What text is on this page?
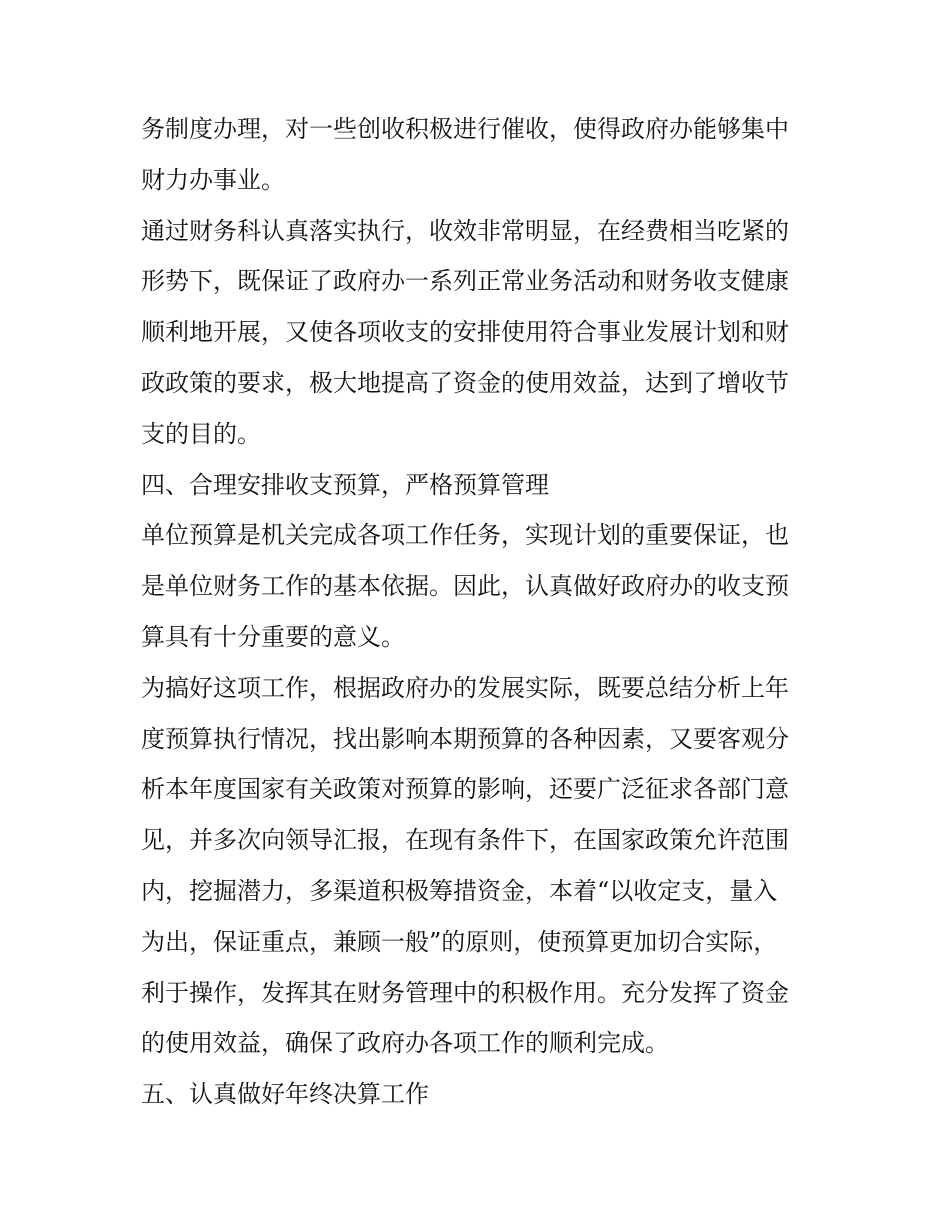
务制度办理，对一些创收积极进行催收，使得政府办能够集中
财力办事业。
通过财务科认真落实执行，收效非常明显，在经费相当吃紧的
形势下，既保证了政府办一系列正常业务活动和财务收支健康
顺利地开展，又使各项收支的安排使用符合事业发展计划和财
政政策的要求，极大地提高了资金的使用效益，达到了增收节
支的目的。
四、合理安排收支预算，严格预算管理
单位预算是机关完成各项工作任务，实现计划的重要保证，也
是单位财务工作的基本依据。因此，认真做好政府办的收支预
算具有十分重要的意义。
为搞好这项工作，根据政府办的发展实际，既要总结分析上年
度预算执行情况，找出影响本期预算的各种因素，又要客观分
析本年度国家有关政策对预算的影响，还要广泛征求各部门意
见，并多次向领导汇报，在现有条件下，在国家政策允许范围
内，挖掘潜力，多渠道积极筹措资金，本着“以收定支，量入
为出，保证重点，兼顾一般”的原则，使预算更加切合实际，
利于操作，发挥其在财务管理中的积极作用。充分发挥了资金
的使用效益，确保了政府办各项工作的顺利完成。
五、认真做好年终决算工作
